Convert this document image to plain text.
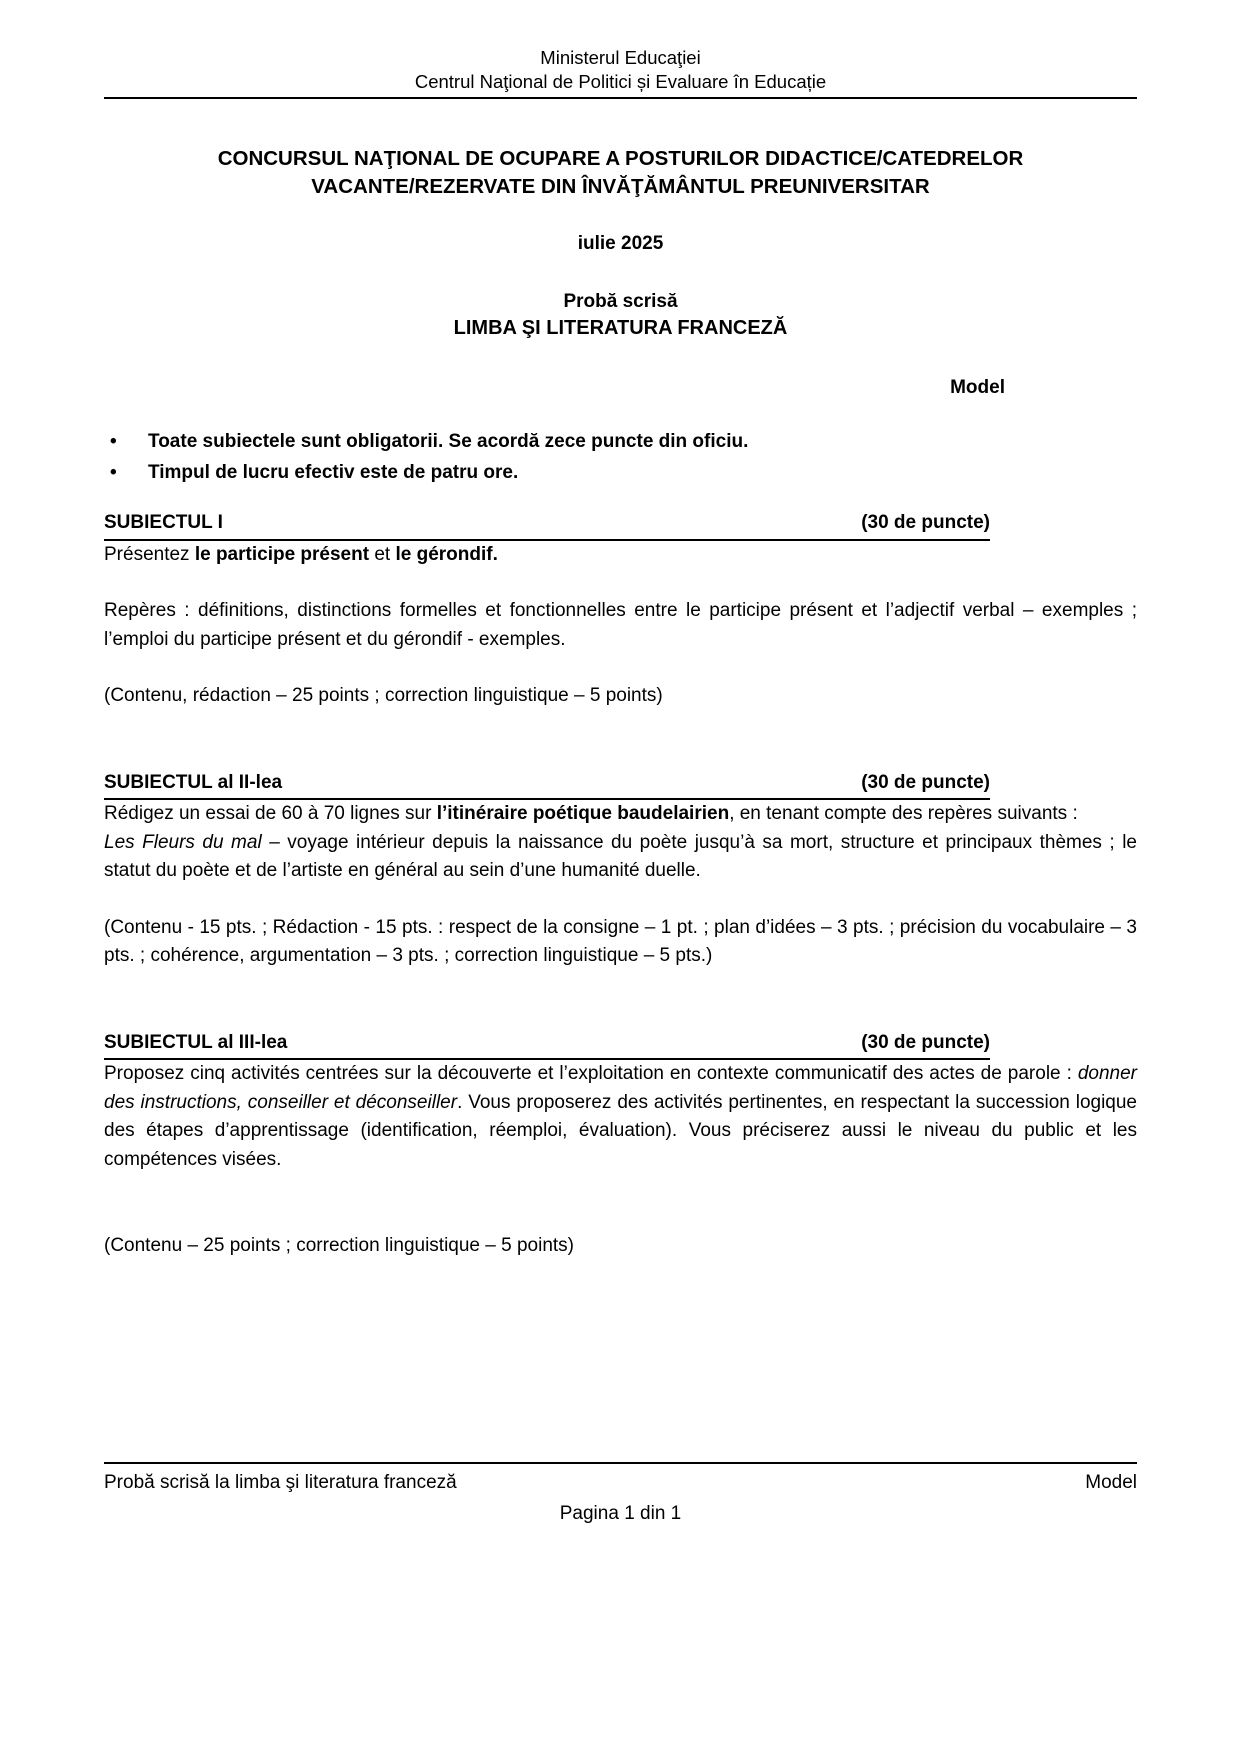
Ministerul Educaţiei
Centrul Naţional de Politici și Evaluare în Educație
CONCURSUL NAŢIONAL DE OCUPARE A POSTURILOR DIDACTICE/CATEDRELOR
VACANTE/REZERVATE DIN ÎNVĂŢĂMÂNTUL PREUNIVERSITAR
iulie 2025
Probă scrisă
LIMBA ŞI LITERATURA FRANCEZĂ
Model
• Toate subiectele sunt obligatorii. Se acordă zece puncte din oficiu.
• Timpul de lucru efectiv este de patru ore.
SUBIECTUL I	(30 de puncte)

Présentez le participe présent et le gérondif.

Repères : définitions, distinctions formelles et fonctionnelles entre le participe présent et l’adjectif verbal – exemples ; l’emploi du participe présent et du gérondif - exemples.

(Contenu, rédaction – 25 points ; correction linguistique – 5 points)

SUBIECTUL al II-lea	(30 de puncte)

Rédigez un essai de 60 à 70 lignes sur l’itinéraire poétique baudelairien, en tenant compte des repères suivants :

Les Fleurs du mal – voyage intérieur depuis la naissance du poète jusqu’à sa mort, structure et principaux thèmes ; le statut du poète et de l’artiste en général au sein d’une humanité duelle.

(Contenu - 15 pts. ; Rédaction - 15 pts. : respect de la consigne – 1 pt. ; plan d’idées – 3 pts. ; précision du vocabulaire – 3 pts. ; cohérence, argumentation – 3 pts. ; correction linguistique – 5 pts.)

SUBIECTUL al III-lea	(30 de puncte)

Proposez cinq activités centrées sur la découverte et l’exploitation en contexte communicatif des actes de parole : donner des instructions, conseiller et déconseiller. Vous proposerez des activités pertinentes, en respectant la succession logique des étapes d’apprentissage (identification, réemploi, évaluation). Vous préciserez aussi le niveau du public et les compétences visées.

(Contenu – 25 points ; correction linguistique – 5 points)

Probă scrisă la limba şi literatura franceză	Model
Pagina 1 din 1
